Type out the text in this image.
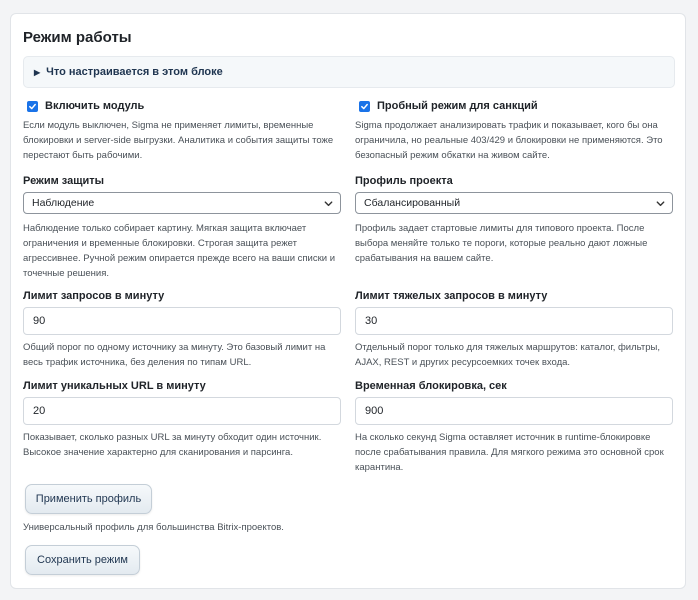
Режим работы
▶ Что настраивается в этом блоке
Включить модуль
Если модуль выключен, Sigma не применяет лимиты, временные блокировки и server-side выгрузки. Аналитика и события защиты тоже перестают быть рабочими.
Пробный режим для санкций
Sigma продолжает анализировать трафик и показывает, кого бы она ограничила, но реальные 403/429 и блокировки не применяются. Это безопасный режим обкатки на живом сайте.
Режим защиты
Наблюдение
Наблюдение только собирает картину. Мягкая защита включает ограничения и временные блокировки. Строгая защита режет агрессивнее. Ручной режим опирается прежде всего на ваши списки и точечные решения.
Профиль проекта
Сбалансированный
Профиль задает стартовые лимиты для типового проекта. После выбора меняйте только те пороги, которые реально дают ложные срабатывания на вашем сайте.
Лимит запросов в минуту
90
Общий порог по одному источнику за минуту. Это базовый лимит на весь трафик источника, без деления по типам URL.
Лимит тяжелых запросов в минуту
30
Отдельный порог только для тяжелых маршрутов: каталог, фильтры, AJAX, REST и других ресурсоемких точек входа.
Лимит уникальных URL в минуту
20
Показывает, сколько разных URL за минуту обходит один источник. Высокое значение характерно для сканирования и парсинга.
Временная блокировка, сек
900
На сколько секунд Sigma оставляет источник в runtime-блокировке после срабатывания правила. Для мягкого режима это основной срок карантина.
Применить профиль
Универсальный профиль для большинства Bitrix-проектов.
Сохранить режим
